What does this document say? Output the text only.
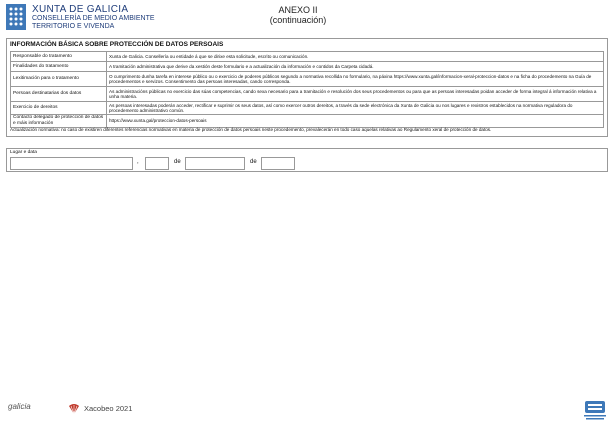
XUNTA DE GALICIA
CONSELLERÍA DE MEDIO AMBIENTE
TERRITORIO E VIVENDA
ANEXO II
(continuación)
INFORMACIÓN BÁSICA SOBRE PROTECCIÓN DE DATOS PERSOAIS
Responsable do tratamento	Xunta de Galicia. Consellería ou entidade á que se dirixe esta solicitude, escrito ou comunicación.
Finalidades do tratamento	A tramitación administrativa que derive da xestión deste formulario e a actualización da información e contidos da Carpeta cidadá.
Lexitimación para o tratamento	O cumprimento dunha tarefa en interese público ou o exercicio de poderes públicos segundo a normativa recollida no formulario, na páxina https://www.xunta.gal/informacion-xeral-proteccion-datos e na ficha do procedemento na Guía de procedementos e servizos. Consentimento das persoas interesadas, cando corresponda.
Persoas destinatarias dos datos	As administracións públicas no exercicio das súas competencias, cando sexa necesario para a tramitación e resolución dos seus procedementos ou para que as persoas interesadas poidan acceder de forma integral á información relativa a unha materia.
Exercicio de dereitos	As persoas interesadas poderán acceder, rectificar e suprimir os seus datos, así como exercer outros dereitos, a través da sede electrónica da Xunta de Galicia ou nos lugares e rexistros establecidos na normativa reguladora do procedemento administrativo común.
Contacto delegado de protección de datos e máis información	https://www.xunta.gal/proteccion-datos-persoais
Actualización normativa: no caso de existiren diferentes referencias normativas en materia de protección de datos persoais neste procedemento, prevalecerán en todo caso aquelas relativas ao Regulamento xeral de protección de datos.
Lugar e data
,	de	de
galicia	Xacobeo 2021
